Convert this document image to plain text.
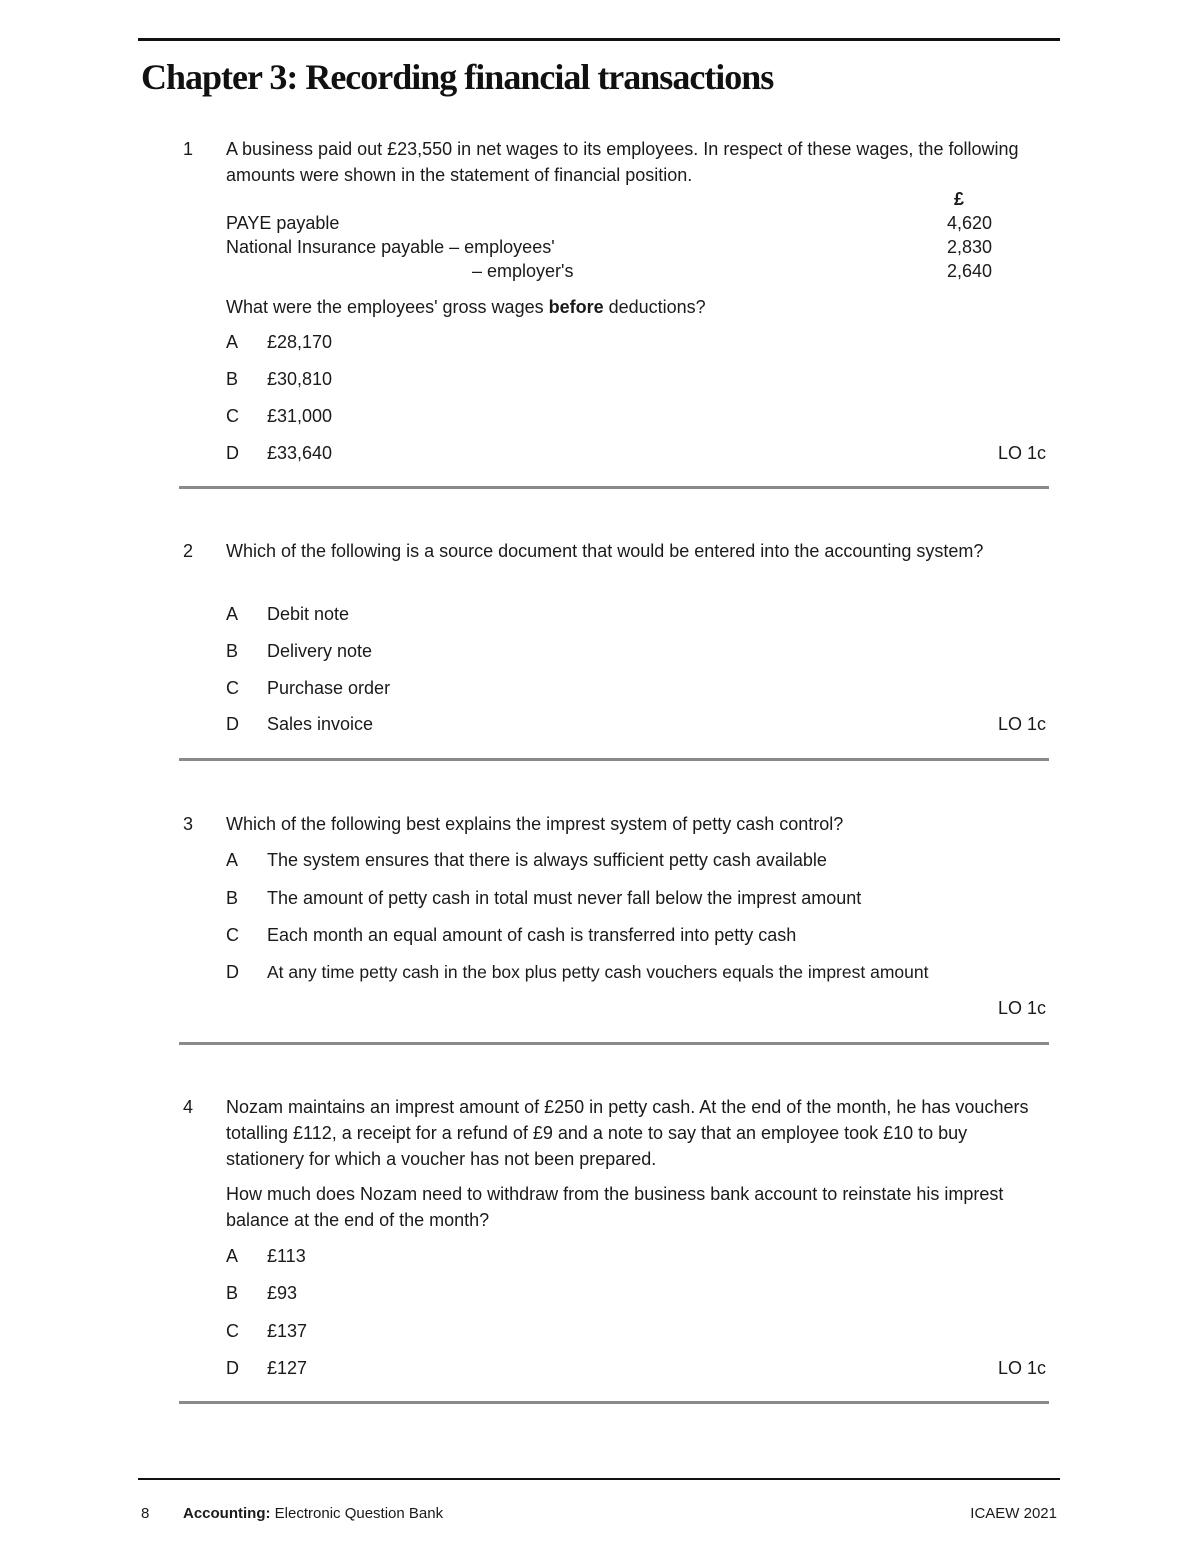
Chapter 3: Recording financial transactions
1 A business paid out £23,550 in net wages to its employees. In respect of these wages, the following amounts were shown in the statement of financial position.
£
PAYE payable	4,620
National Insurance payable – employees'	2,830
– employer's	2,640
What were the employees' gross wages before deductions?
A £28,170
B £30,810
C £31,000
D £33,640	LO 1c
2 Which of the following is a source document that would be entered into the accounting system?
A Debit note
B Delivery note
C Purchase order
D Sales invoice	LO 1c
3 Which of the following best explains the imprest system of petty cash control?
A The system ensures that there is always sufficient petty cash available
B The amount of petty cash in total must never fall below the imprest amount
C Each month an equal amount of cash is transferred into petty cash
D At any time petty cash in the box plus petty cash vouchers equals the imprest amount
LO 1c
4 Nozam maintains an imprest amount of £250 in petty cash. At the end of the month, he has vouchers totalling £112, a receipt for a refund of £9 and a note to say that an employee took £10 to buy stationery for which a voucher has not been prepared.
How much does Nozam need to withdraw from the business bank account to reinstate his imprest balance at the end of the month?
A £113
B £93
C £137
D £127	LO 1c
8 Accounting: Electronic Question Bank	ICAEW 2021
